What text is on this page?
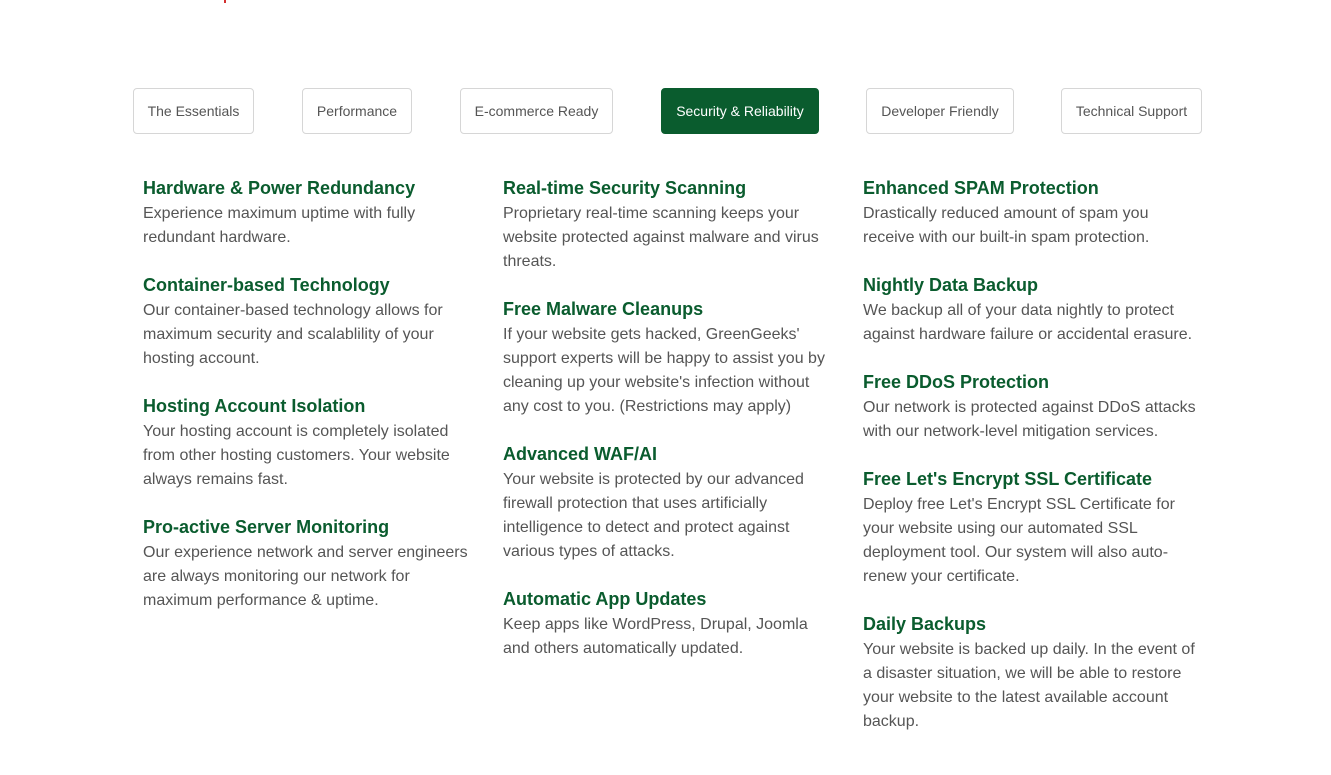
The Essentials	Performance	E-commerce Ready	Security & Reliability	Developer Friendly	Technical Support
Hardware & Power Redundancy

Experience maximum uptime with fully redundant hardware.

Container-based Technology

Our container-based technology allows for maximum security and scalablility of your hosting account.

Hosting Account Isolation

Your hosting account is completely isolated from other hosting customers. Your website always remains fast.

Pro-active Server Monitoring

Our experience network and server engineers are always monitoring our network for maximum performance & uptime.

Real-time Security Scanning

Proprietary real-time scanning keeps your website protected against malware and virus threats.

Free Malware Cleanups

If your website gets hacked, GreenGeeks' support experts will be happy to assist you by cleaning up your website's infection without any cost to you. (Restrictions may apply)

Advanced WAF/AI

Your website is protected by our advanced firewall protection that uses artificially intelligence to detect and protect against various types of attacks.

Automatic App Updates

Keep apps like WordPress, Drupal, Joomla and others automatically updated.

Enhanced SPAM Protection

Drastically reduced amount of spam you receive with our built-in spam protection.

Nightly Data Backup

We backup all of your data nightly to protect against hardware failure or accidental erasure.

Free DDoS Protection

Our network is protected against DDoS attacks with our network-level mitigation services.

Free Let's Encrypt SSL Certificate

Deploy free Let's Encrypt SSL Certificate for your website using our automated SSL deployment tool. Our system will also auto-renew your certificate.

Daily Backups

Your website is backed up daily. In the event of a disaster situation, we will be able to restore your website to the latest available account backup.
